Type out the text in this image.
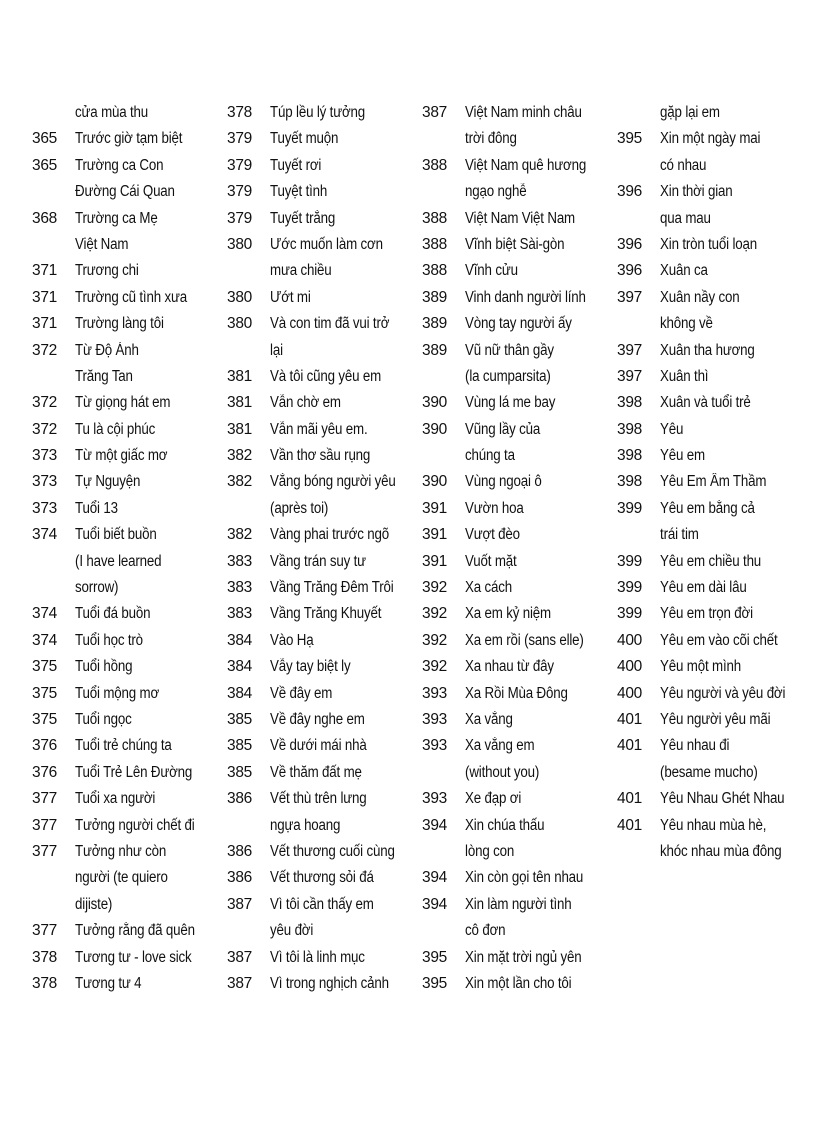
cửa mùa thu
365	Trước giờ tạm biệt
365	Trường ca Con
Đường Cái Quan
368	Trường ca Mẹ
Việt Nam
371	Trương chi
371	Trường cũ tình xưa
371	Trường làng tôi
372	Từ Độ Ánh
Trăng Tan
372	Từ giọng hát em
372	Tu là cội phúc
373	Từ một giấc mơ
373	Tự Nguyện
373	Tuổi 13
374	Tuổi biết buồn
(I have learned
sorrow)
374	Tuổi đá buồn
374	Tuổi học trò
375	Tuổi hồng
375	Tuổi mộng mơ
375	Tuổi ngọc
376	Tuổi trẻ chúng ta
376	Tuổi Trẻ Lên Đường
377	Tuổi xa người
377	Tưởng người chết đi
377	Tưởng như còn
người (te quiero
dijiste)
377	Tưởng rằng đã quên
378	Tương tư - love sick
378	Tương tư 4
378	Túp lều lý tưởng
379	Tuyết muộn
379	Tuyết rơi
379	Tuyệt tình
379	Tuyết trắng
380	Ước muốn làm cơn
mưa chiều
380	Ướt mi
380	Và con tim đã vui trở
lại
381	Và tôi cũng yêu em
381	Vẫn chờ em
381	Vẫn mãi yêu em.
382	Vần thơ sầu rụng
382	Vắng bóng người yêu
(après toi)
382	Vàng phai trước ngõ
383	Vầng trán suy tư
383	Vầng Trăng Đêm Trôi
383	Vầng Trăng Khuyết
384	Vào Hạ
384	Vẫy tay biệt ly
384	Về đây em
385	Về đây nghe em
385	Về dưới mái nhà
385	Về thăm đất mẹ
386	Vết thù trên lưng
ngựa hoang
386	Vết thương cuối cùng
386	Vết thương sỏi đá
387	Vì tôi cần thấy em
yêu đời
387	Vì tôi là linh mục
387	Vì trong nghịch cảnh
387	Việt Nam minh châu
trời đông
388	Việt Nam quê hương
ngạo nghễ
388	Việt Nam Việt Nam
388	Vĩnh biệt Sài-gòn
388	Vĩnh cửu
389	Vinh danh người lính
389	Vòng tay người ấy
389	Vũ nữ thân gầy
(la cumparsita)
390	Vùng lá me bay
390	Vũng lầy của
chúng ta
390	Vùng ngoại ô
391	Vườn hoa
391	Vượt đèo
391	Vuốt mặt
392	Xa cách
392	Xa em kỷ niệm
392	Xa em rồi (sans elle)
392	Xa nhau từ đây
393	Xa Rồi Mùa Đông
393	Xa vắng
393	Xa vắng em
(without you)
393	Xe đạp ơi
394	Xin chúa thấu
lòng con
394	Xin còn gọi tên nhau
394	Xin làm người tình
cô đơn
395	Xin mặt trời ngủ yên
395	Xin một lần cho tôi
gặp lại em
395	Xin một ngày mai
có nhau
396	Xin thời gian
qua mau
396	Xin tròn tuổi loạn
396	Xuân ca
397	Xuân nầy con
không về
397	Xuân tha hương
397	Xuân thì
398	Xuân và tuổi trẻ
398	Yêu
398	Yêu em
398	Yêu Em Âm Thầm
399	Yêu em bằng cả
trái tim
399	Yêu em chiều thu
399	Yêu em dài lâu
399	Yêu em trọn đời
400	Yêu em vào cõi chết
400	Yêu một mình
400	Yêu người và yêu đời
401	Yêu người yêu mãi
401	Yêu nhau đi
(besame mucho)
401	Yêu Nhau Ghét Nhau
401	Yêu nhau mùa hè,
khóc nhau mùa đông
